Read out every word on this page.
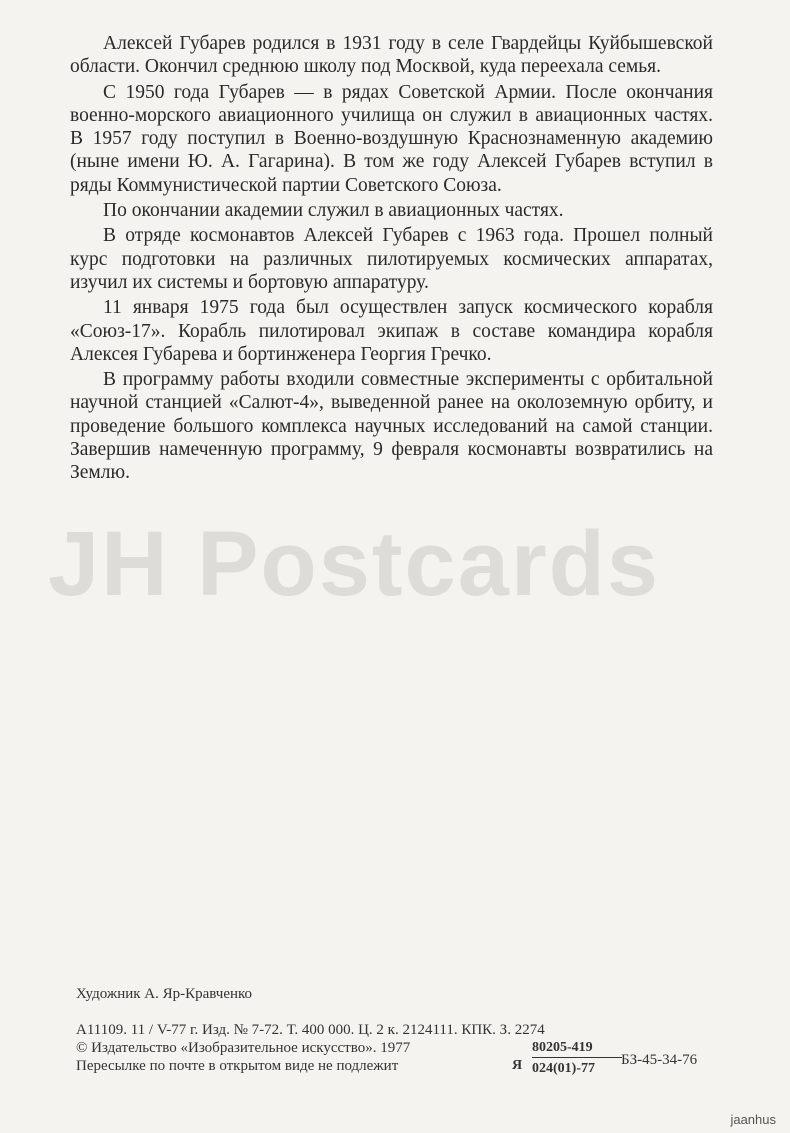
Алексей Губарев родился в 1931 году в селе Гвардейцы Куйбышевской области. Окончил среднюю школу под Москвой, куда переехала семья.

С 1950 года Губарев — в рядах Советской Армии. После окончания военно-морского авиационного училища он служил в авиационных частях. В 1957 году поступил в Военно-воздушную Краснознаменную академию (ныне имени Ю. А. Гагарина). В том же году Алексей Губарев вступил в ряды Коммунистической партии Советского Союза.

По окончании академии служил в авиационных частях.

В отряде космонавтов Алексей Губарев с 1963 года. Прошел полный курс подготовки на различных пилотируемых космических аппаратах, изучил их системы и бортовую аппаратуру.

11 января 1975 года был осуществлен запуск космического корабля «Союз-17». Корабль пилотировал экипаж в составе командира корабля Алексея Губарева и бортинженера Георгия Гречко.

В программу работы входили совместные эксперименты с орбитальной научной станцией «Салют-4», выведенной ранее на околоземную орбиту, и проведение большого комплекса научных исследований на самой станции. Завершив намеченную программу, 9 февраля космонавты возвратились на Землю.

JH Postcards
Художник А. Яр-Кравченко
А11109. 11 / V-77 г. Изд. № 7-72. Т. 400 000. Ц. 2 к. 2124111. КПК. З. 2274
© Издательство «Изобразительное искусство». 1977
Пересылке по почте в открытом виде не подлежит	Я
80205-419
024(01)-77
БЗ-45-34-76
jaanhus
